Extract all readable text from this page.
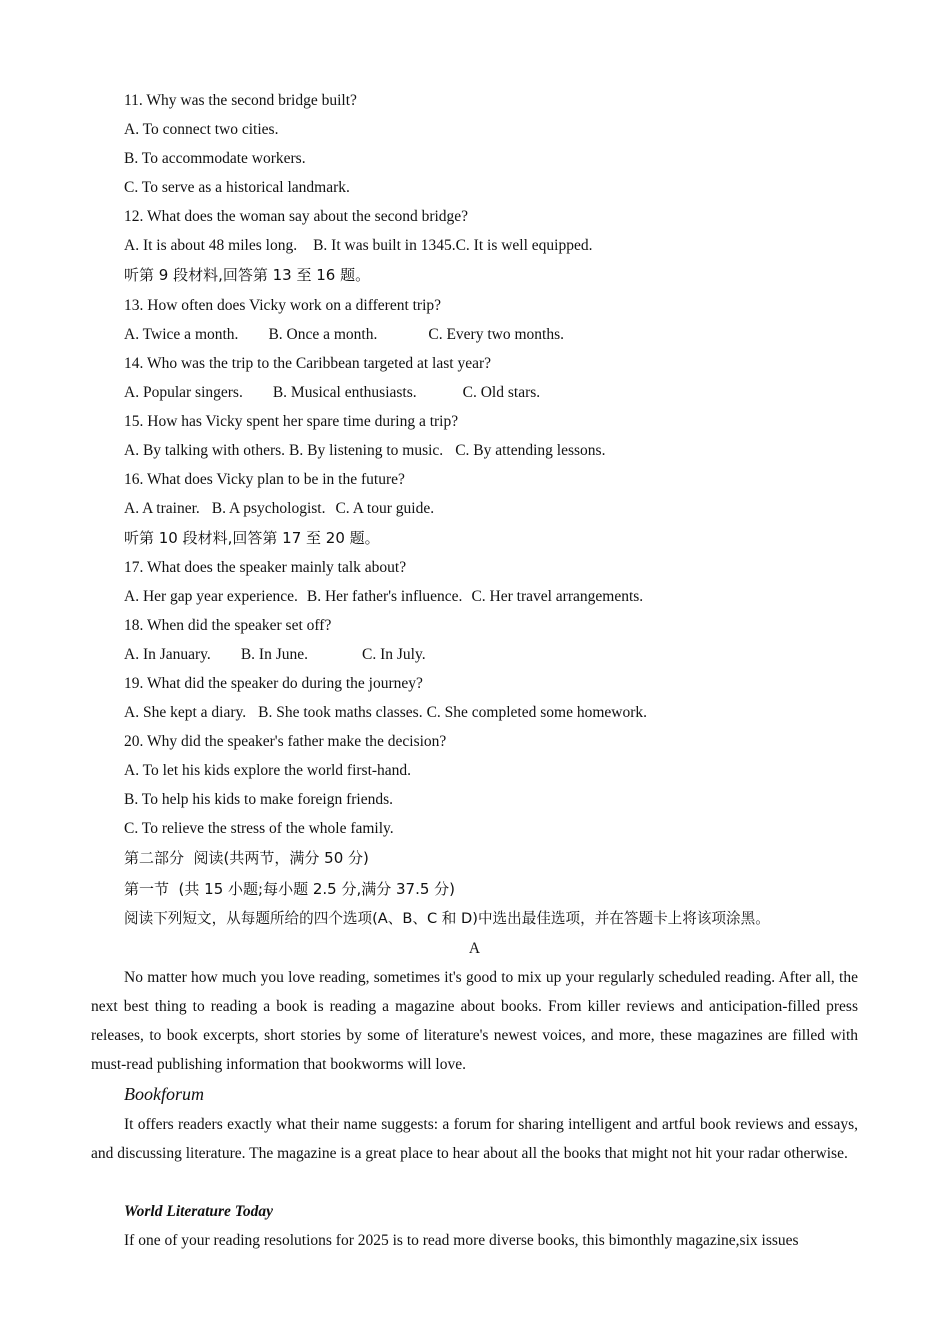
11. Why was the second bridge built?
A. To connect two cities.
B. To accommodate workers.
C. To serve as a historical landmark.
12. What does the woman say about the second bridge?
A. It is about 48 miles long. B. It was built in 1345.C. It is well equipped.
听第 9 段材料,回答第 13 至 16 题。
13. How often does Vicky work on a different trip?
A. Twice a month. B. Once a month.	C. Every two months.
14. Who was the trip to the Caribbean targeted at last year?
A. Popular singers. B. Musical enthusiasts.	C. Old stars.
15. How has Vicky spent her spare time during a trip?
A. By talking with others. B. By listening to music. C. By attending lessons.
16. What does Vicky plan to be in the future?
A. A trainer. B. A psychologist. C. A tour guide.
听第 10 段材料,回答第 17 至 20 题。
17. What does the speaker mainly talk about?
A. Her gap year experience. B. Her father's influence. C. Her travel arrangements.
18. When did the speaker set off?
A. In January. B. In June.	C. In July.
19. What did the speaker do during the journey?
A. She kept a diary. B. She took maths classes. C. She completed some homework.
20. Why did the speaker's father make the decision?
A. To let his kids explore the world first-hand.
B. To help his kids to make foreign friends.
C. To relieve the stress of the whole family.
第二部分  阅读(共两节，满分 50 分)
第一节  (共 15 小题;每小题 2.5 分,满分 37.5 分)
阅读下列短文，从每题所给的四个选项(A、B、C 和 D)中选出最佳选项，并在答题卡上将该项涂黑。
A
No matter how much you love reading, sometimes it's good to mix up your regularly scheduled reading. After all, the next best thing to reading a book is reading a magazine about books. From killer reviews and anticipation-filled press releases, to book excerpts, short stories by some of literature's newest voices, and more, these magazines are filled with must-read publishing information that bookworms will love.
Bookforum
It offers readers exactly what their name suggests: a forum for sharing intelligent and artful book reviews and essays, and discussing literature. The magazine is a great place to hear about all the books that might not hit your radar otherwise.
World Literature Today
If one of your reading resolutions for 2025 is to read more diverse books, this bimonthly magazine,six issues
